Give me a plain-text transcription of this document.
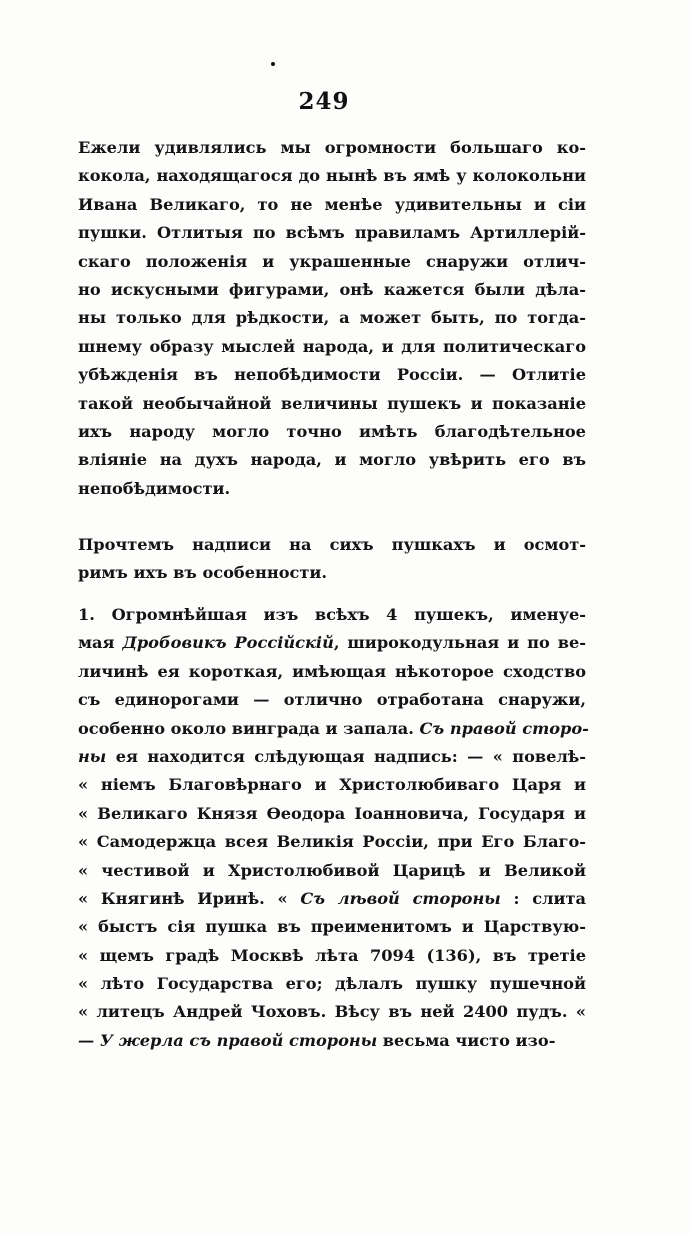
249
Ежели удивлялись мы огромности большаго ко-
кокола, находящагося до нынѣ въ ямѣ у колокольни
Ивана Великаго, то не менѣе удивительны и сіи
пушки. Отлитыя по всѣмъ правиламъ Артиллерій-
скаго положенія и украшенные снаружи отлич-
но искусными фигурами, онѣ кажется были дѣла-
ны только для рѣдкости, а может быть, по тогда-
шнему образу мыслей народа, и для политическаго
убѣжденія въ непобѣдимости Россіи. — Отлитіе
такой необычайной величины пушекъ и показаніе
ихъ народу могло точно имѣть благодѣтельное
вліяніе на духъ народа, и могло увѣрить его въ
непобѣдимости.
Прочтемъ надписи на сихъ пушкахъ и осмот-
римъ ихъ въ особенности.
1. Огромнѣйшая изъ всѣхъ 4 пушекъ, именуе-
мая Дробовикъ Россійскій, широкодульная и по ве-
личинѣ ея короткая, имѣющая нѣкоторое сходство
съ единорогами — отлично отработана снаружи,
особенно около винграда и запала. Съ правой сторо-
ны ея находится слѣдующая надпись: — « повелѣ-
« ніемъ Благовѣрнаго и Христолюбиваго Царя и
« Великаго Князя Ѳеодора Іоанновича, Государя и
« Самодержца всея Великія Россіи, при Его Благо-
« честивой и Христолюбивой Царицѣ и Великой
« Княгинѣ Иринѣ. « Съ лѣвой стороны : слита
« быстъ сія пушка въ преименитомъ и Царствую-
« щемъ градѣ Москвѣ лѣта 7094 (136), въ третіе
« лѣто Государства его; дѣлалъ пушку пушечной
« литецъ Андрей Чоховъ. Вѣсу въ ней 2400 пудъ. «
— У жерла съ правой стороны весьма чисто изо-
